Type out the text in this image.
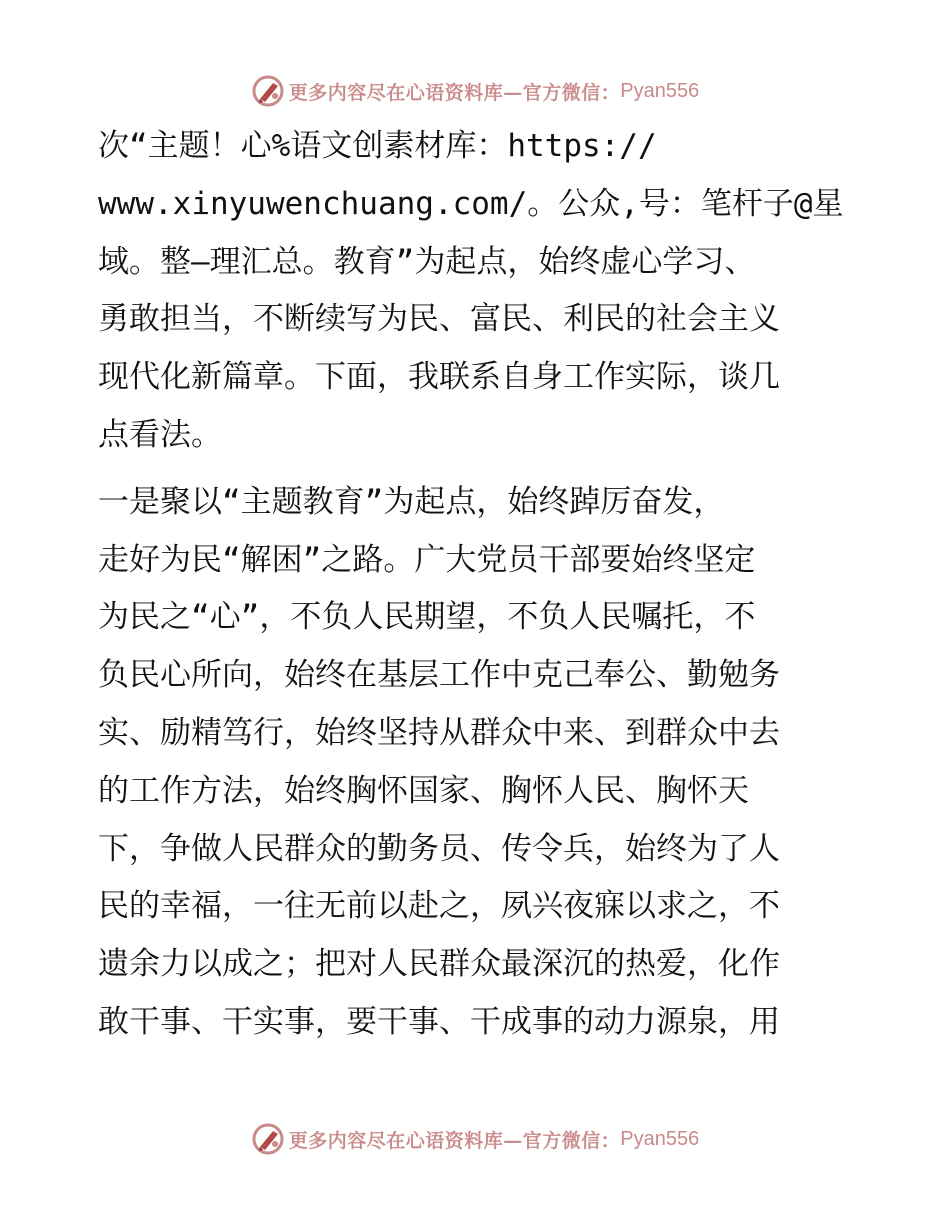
更多内容尽在心语资料库—官方微信： Pyan556
次“主题！心%语文创素材库：https://
www.xinyuwenchuang.com/。公众,号：笔杆子@星
域。整—理汇总。教育”为起点，始终虚心学习、
勇敢担当，不断续写为民、富民、利民的社会主义
现代化新篇章。下面，我联系自身工作实际，谈几
点看法。
一是聚以“主题教育”为起点，始终踔厉奋发，
走好为民“解困”之路。广大党员干部要始终坚定
为民之“心”，不负人民期望，不负人民嘱托，不
负民心所向，始终在基层工作中克己奉公、勤勉务
实、励精笃行，始终坚持从群众中来、到群众中去
的工作方法，始终胸怀国家、胸怀人民、胸怀天
下，争做人民群众的勤务员、传令兵，始终为了人
民的幸福，一往无前以赴之，夙兴夜寐以求之，不
遗余力以成之；把对人民群众最深沉的热爱，化作
敢干事、干实事，要干事、干成事的动力源泉，用
更多内容尽在心语资料库—官方微信： Pyan556
